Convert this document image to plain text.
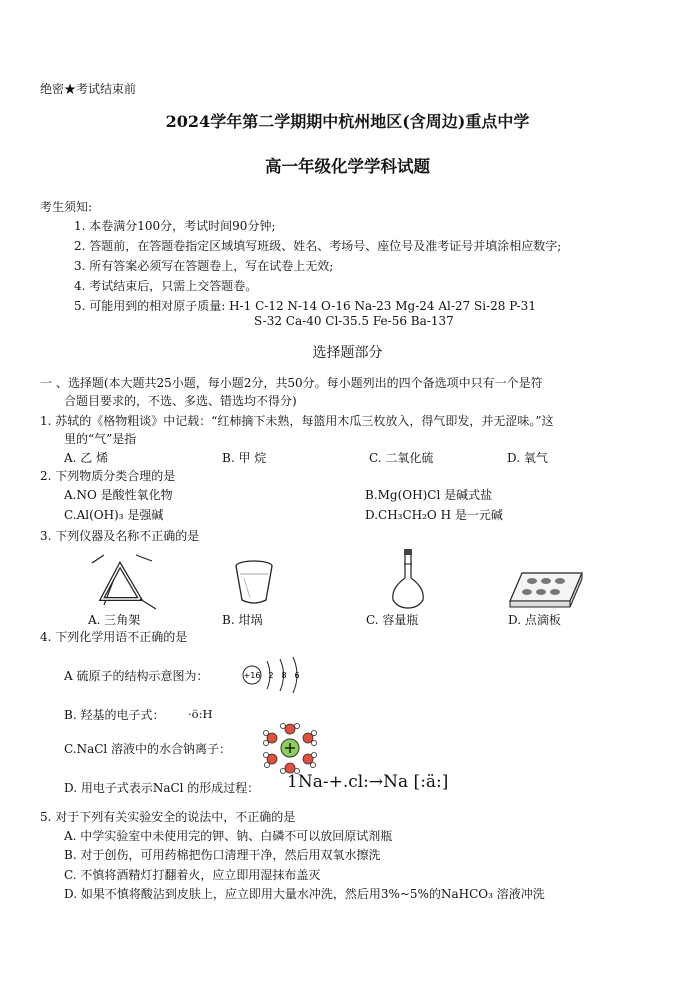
绝密★考试结束前
2024学年第二学期期中杭州地区(含周边)重点中学
高一年级化学学科试题
考生须知:
1. 本卷满分100分，考试时间90分钟;
2. 答题前，在答题卷指定区域填写班级、姓名、考场号、座位号及准考证号并填涂相应数字;
3. 所有答案必须写在答题卷上，写在试卷上无效;
4. 考试结束后，只需上交答题卷。
5. 可能用到的相对原子质量: H-1 C-12 N-14 O-16 Na-23 Mg-24 Al-27 Si-28 P-31
S-32 Ca-40 Cl-35.5 Fe-56 Ba-137
选择题部分
一 、选择题(本大题共25小题，每小题2分，共50分。每小题列出的四个备选项中只有一个是符
合题目要求的，不选、多选、错选均不得分)
1. 苏轼的《格物粗谈》中记载：“红柿摘下未熟，每篮用木瓜三枚放入，得气即发，并无涩味。”这
里的“气”是指
A. 乙 烯	B. 甲 烷	C. 二氧化硫	D. 氧气
2. 下列物质分类合理的是
A.NO 是酸性氧化物	B.Mg(OH)Cl 是碱式盐
C.Al(OH)₃ 是强碱	D.CH₃CH₂O H 是一元碱
3. 下列仪器及名称不正确的是
A. 三角架	B. 坩埚	C. 容量瓶	D. 点滴板
4. 下列化学用语不正确的是
A 硫原子的结构示意图为：	+16 2 8 6
B. 羟基的电子式： ·ö:H
C.NaCl 溶液中的水合钠离子：
D. 用电子式表示NaCl 的形成过程： 1Na-+.cl:→Na [:ä:]
5. 对于下列有关实验安全的说法中，不正确的是
A. 中学实验室中未使用完的钾、钠、白磷不可以放回原试剂瓶
B. 对于创伤，可用药棉把伤口清理干净，然后用双氧水擦洗
C. 不慎将酒精灯打翻着火，应立即用湿抹布盖灭
D. 如果不慎将酸沾到皮肤上，应立即用大量水冲洗，然后用3%~5%的NaHCO₃ 溶液冲洗
